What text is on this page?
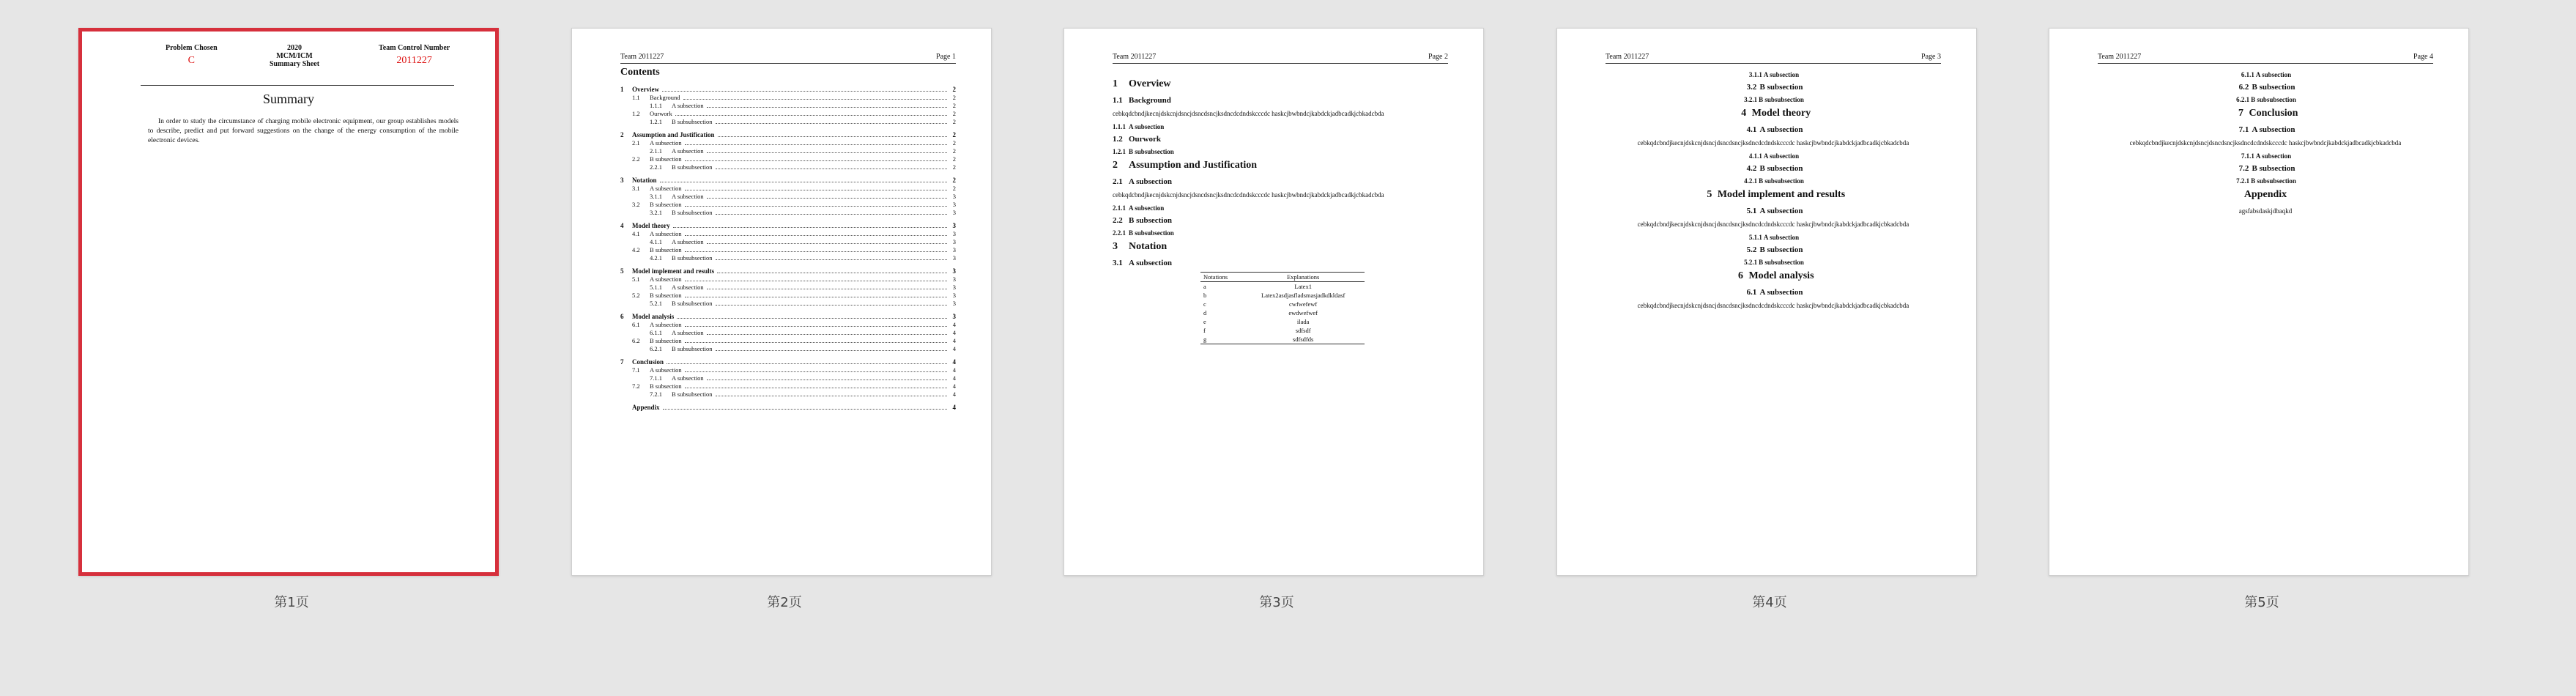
Problem Chosen
C
2020
MCM/ICM
Summary Sheet
Team Control Number
2011227
Summary
In order to study the circumstance of charging mobile electronic equipment, our group establishes models to describe, predict and put forward suggestions on the change of the energy consumption of the mobile electronic devices.
第1页
Team 2011227	Page 1
Contents
1	Overview	2
1.1	Background	2
1.1.1	A subsection	2
1.2	Ourwork	2
1.2.1	B subsubsection	2
2	Assumption and Justification	2
2.1	A subsection	2
2.1.1	A subsection	2
2.2	B subsection	2
2.2.1	B subsubsection	2
3	Notation	2
3.1	A subsection	2
3.1.1	A subsection	3
3.2	B subsection	3
3.2.1	B subsubsection	3
4	Model theory	3
4.1	A subsection	3
4.1.1	A subsection	3
4.2	B subsection	3
4.2.1	B subsubsection	3
5	Model implement and results	3
5.1	A subsection	3
5.1.1	A subsection	3
5.2	B subsection	3
5.2.1	B subsubsection	3
6	Model analysis	3
6.1	A subsection	4
6.1.1	A subsection	4
6.2	B subsection	4
6.2.1	B subsubsection	4
7	Conclusion	4
7.1	A subsection	4
7.1.1	A subsection	4
7.2	B subsection	4
7.2.1	B subsubsection	4
Appendix	4
第2页
Team 2011227	Page 2
1 Overview
1.1 Background
cebkqdcbndjkecnjdskcnjdsncjdsncdsncjksdncdcdndskcccdc haskcjbwbndcjkabdckjadbcadkjcbkadcbda
1.1.1 A subsection
1.2 Ourwork
1.2.1 B subsubsection
2 Assumption and Justification
2.1 A subsection
cebkqdcbndjkecnjdskcnjdsncjdsncdsncjksdncdcdndskcccdc haskcjbwbndcjkabdckjadbcadkjcbkadcbda
2.1.1 A subsection
2.2 B subsection
2.2.1 B subsubsection
3 Notation
3.1 A subsection
Notations	Explanations
a	Latex1
b	Latex2asdjasfladsmasjadkdkldasf
c	cwfwefewf
d	ewdwefwef
e	ilada
f	sdfsdf
g	sdfsdfds
第3页
Team 2011227	Page 3
3.1.1 A subsection
3.2 B subsection
3.2.1 B subsubsection
4 Model theory
4.1 A subsection
cebkqdcbndjkecnjdskcnjdsncjdsncdsncjksdncdcdndskcccdc haskcjbwbndcjkabdckjadbcadkjcbkadcbda
4.1.1 A subsection
4.2 B subsection
4.2.1 B subsubsection
5 Model implement and results
5.1 A subsection
cebkqdcbndjkecnjdskcnjdsncjdsncdsncjksdncdcdndskcccdc haskcjbwbndcjkabdckjadbcadkjcbkadcbda
5.1.1 A subsection
5.2 B subsection
5.2.1 B subsubsection
6 Model analysis
6.1 A subsection
cebkqdcbndjkecnjdskcnjdsncjdsncdsncjksdncdcdndskcccdc haskcjbwbndcjkabdckjadbcadkjcbkadcbda
第4页
Team 2011227	Page 4
6.1.1 A subsection
6.2 B subsection
6.2.1 B subsubsection
7 Conclusion
7.1 A subsection
cebkqdcbndjkecnjdskcnjdsncjdsncdsncjksdncdcdndskcccdc haskcjbwbndcjkabdckjadbcadkjcbkadcbda
7.1.1 A subsection
7.2 B subsection
7.2.1 B subsubsection
Appendix
agsfabsdaskjdbaqkd
第5页
